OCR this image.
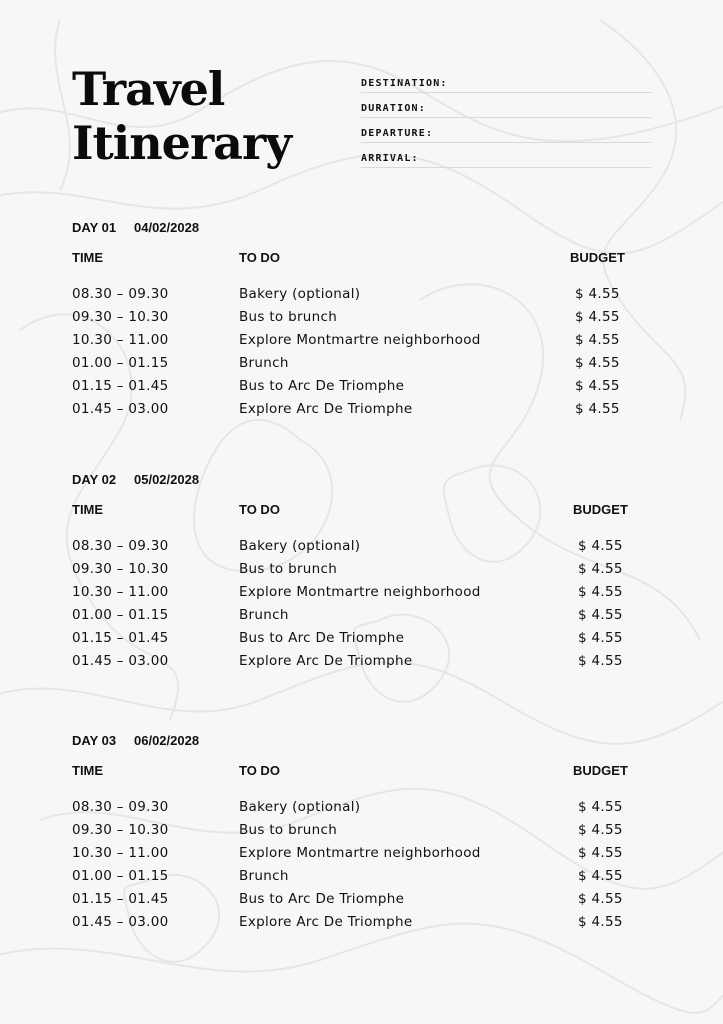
Travel
Itinerary
DESTINATION:
DURATION:
DEPARTURE:
ARRIVAL:
DAY 01 04/02/2028
TIME	TO DO	BUDGET
08.30 – 09.30	Bakery (optional)	$ 4.55
09.30 – 10.30	Bus to brunch	$ 4.55
10.30 – 11.00	Explore Montmartre neighborhood	$ 4.55
01.00 – 01.15	Brunch	$ 4.55
01.15 – 01.45	Bus to Arc De Triomphe	$ 4.55
01.45 – 03.00	Explore Arc De Triomphe	$ 4.55
DAY 02 05/02/2028
TIME	TO DO	BUDGET
08.30 – 09.30	Bakery (optional)	$ 4.55
09.30 – 10.30	Bus to brunch	$ 4.55
10.30 – 11.00	Explore Montmartre neighborhood	$ 4.55
01.00 – 01.15	Brunch	$ 4.55
01.15 – 01.45	Bus to Arc De Triomphe	$ 4.55
01.45 – 03.00	Explore Arc De Triomphe	$ 4.55
DAY 03 06/02/2028
TIME	TO DO	BUDGET
08.30 – 09.30	Bakery (optional)	$ 4.55
09.30 – 10.30	Bus to brunch	$ 4.55
10.30 – 11.00	Explore Montmartre neighborhood	$ 4.55
01.00 – 01.15	Brunch	$ 4.55
01.15 – 01.45	Bus to Arc De Triomphe	$ 4.55
01.45 – 03.00	Explore Arc De Triomphe	$ 4.55
